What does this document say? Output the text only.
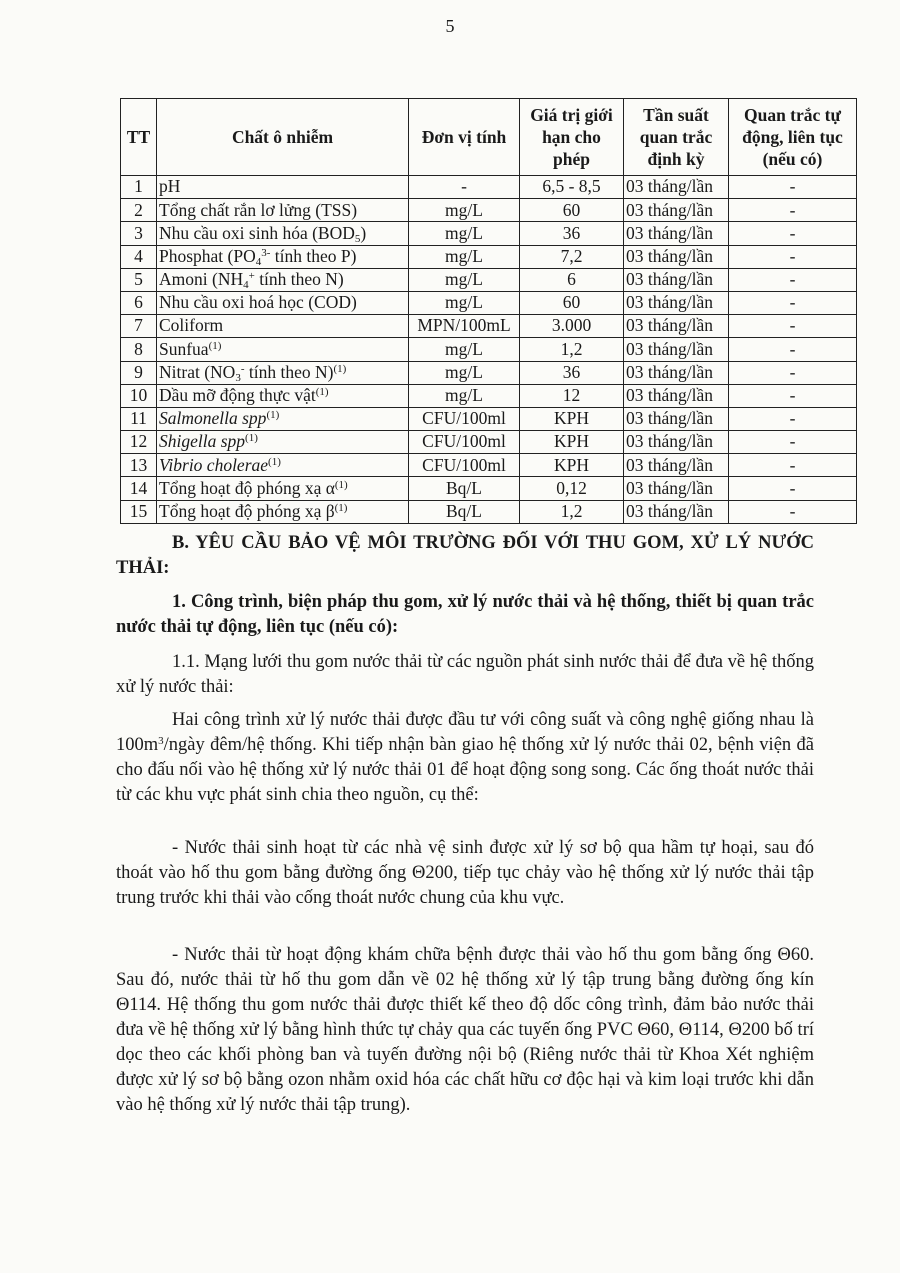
5
TT	Chất ô nhiễm	Đơn vị tính	Giá trị giới hạn cho phép	Tần suất quan trắc định kỳ	Quan trắc tự động, liên tục (nếu có)
1	pH	-	6,5 - 8,5	03 tháng/lần	-
2	Tổng chất rắn lơ lửng (TSS)	mg/L	60	03 tháng/lần	-
3	Nhu cầu oxi sinh hóa $(BOD_5)$	mg/L	36	03 tháng/lần	-
4	Phosphat ($PO_4^{3-}$ tính theo P)	mg/L	7,2	03 tháng/lần	-
5	Amoni ($NH_4^+$ tính theo N)	mg/L	6	03 tháng/lần	-
6	Nhu cầu oxi hoá học (COD)	mg/L	60	03 tháng/lần	-
7	Coliform	MPN/100mL	3.000	03 tháng/lần	-
8	Sunfua$^{(1)}$	mg/L	1,2	03 tháng/lần	-
9	Nitrat ($NO_3^-$ tính theo N)$^{(1)}$	mg/L	36	03 tháng/lần	-
10	Dầu mỡ động thực vật$^{(1)}$	mg/L	12	03 tháng/lần	-
11	Salmonella spp$^{(1)}$	CFU/100ml	KPH	03 tháng/lần	-
12	Shigella spp$^{(1)}$	CFU/100ml	KPH	03 tháng/lần	-
13	Vibrio cholerae$^{(1)}$	CFU/100ml	KPH	03 tháng/lần	-
14	Tổng hoạt độ phóng xạ $\alpha^{(1)}$	Bq/L	0,12	03 tháng/lần	-
15	Tổng hoạt độ phóng xạ $\beta^{(1)}$	Bq/L	1,2	03 tháng/lần	-
B. YÊU CẦU BẢO VỆ MÔI TRƯỜNG ĐỐI VỚI THU GOM, XỬ LÝ NƯỚC THẢI:
1. Công trình, biện pháp thu gom, xử lý nước thải và hệ thống, thiết bị quan trắc nước thải tự động, liên tục (nếu có):
1.1. Mạng lưới thu gom nước thải từ các nguồn phát sinh nước thải để đưa về hệ thống xử lý nước thải:
Hai công trình xử lý nước thải được đầu tư với công suất và công nghệ giống nhau là $100m^3$/ngày đêm/hệ thống. Khi tiếp nhận bàn giao hệ thống xử lý nước thải 02, bệnh viện đã cho đấu nối vào hệ thống xử lý nước thải 01 để hoạt động song song. Các ống thoát nước thải từ các khu vực phát sinh chia theo nguồn, cụ thể:
- Nước thải sinh hoạt từ các nhà vệ sinh được xử lý sơ bộ qua hầm tự hoại, sau đó thoát vào hố thu gom bằng đường ống Θ200, tiếp tục chảy vào hệ thống xử lý nước thải tập trung trước khi thải vào cống thoát nước chung của khu vực.
- Nước thải từ hoạt động khám chữa bệnh được thải vào hố thu gom bằng ống Θ60. Sau đó, nước thải từ hố thu gom dẫn về 02 hệ thống xử lý tập trung bằng đường ống kín Θ114. Hệ thống thu gom nước thải được thiết kế theo độ dốc công trình, đảm bảo nước thải đưa về hệ thống xử lý bằng hình thức tự chảy qua các tuyến ống PVC Θ60, Θ114, Θ200 bố trí dọc theo các khối phòng ban và tuyến đường nội bộ (Riêng nước thải từ Khoa Xét nghiệm được xử lý sơ bộ bằng ozon nhằm oxid hóa các chất hữu cơ độc hại và kim loại trước khi dẫn vào hệ thống xử lý nước thải tập trung).
